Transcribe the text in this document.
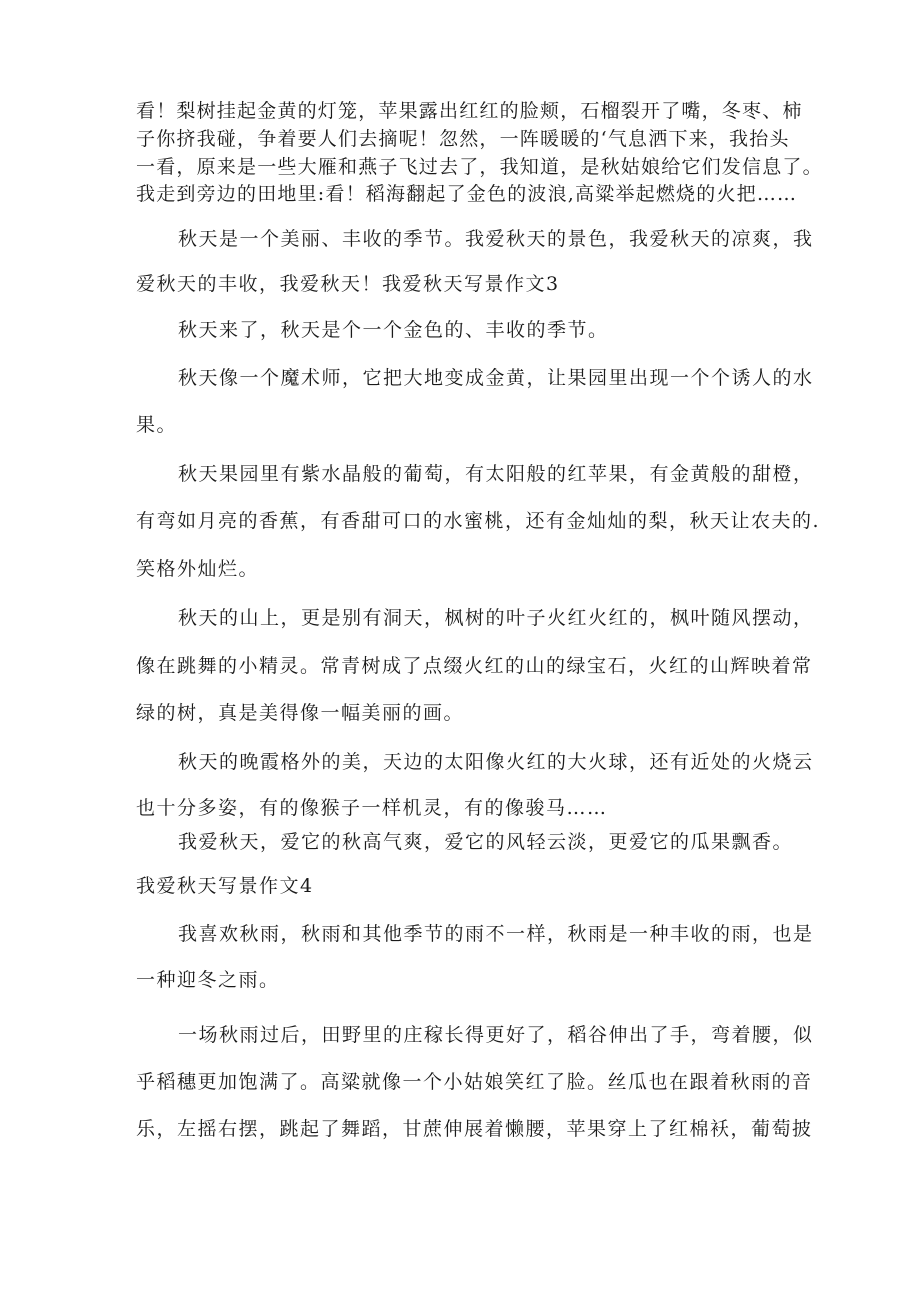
看！梨树挂起金黄的灯笼，苹果露出红红的脸颊，石榴裂开了嘴，冬枣、柿
子你挤我碰，争着要人们去摘呢！忽然，一阵暖暖的‘气息洒下来，我抬头
一看，原来是一些大雁和燕子飞过去了，我知道，是秋姑娘给它们发信息了。
我走到旁边的田地里:看！稻海翻起了金色的波浪,高粱举起燃烧的火把……
秋天是一个美丽、丰收的季节。我爱秋天的景色，我爱秋天的凉爽，我
爱秋天的丰收，我爱秋天！我爱秋天写景作文3
秋天来了，秋天是个一个金色的、丰收的季节。
秋天像一个魔术师，它把大地变成金黄，让果园里出现一个个诱人的水
果。
秋天果园里有紫水晶般的葡萄，有太阳般的红苹果，有金黄般的甜橙，
有弯如月亮的香蕉，有香甜可口的水蜜桃，还有金灿灿的梨，秋天让农夫的.
笑格外灿烂。
秋天的山上，更是别有洞天，枫树的叶子火红火红的，枫叶随风摆动，
像在跳舞的小精灵。常青树成了点缀火红的山的绿宝石，火红的山辉映着常
绿的树，真是美得像一幅美丽的画。
秋天的晚霞格外的美，天边的太阳像火红的大火球，还有近处的火烧云
也十分多姿，有的像猴子一样机灵，有的像骏马……
我爱秋天，爱它的秋高气爽，爱它的风轻云淡，更爱它的瓜果飘香。
我爱秋天写景作文4
我喜欢秋雨，秋雨和其他季节的雨不一样，秋雨是一种丰收的雨，也是
一种迎冬之雨。
一场秋雨过后，田野里的庄稼长得更好了，稻谷伸出了手，弯着腰，似
乎稻穗更加饱满了。高粱就像一个小姑娘笑红了脸。丝瓜也在跟着秋雨的音
乐，左摇右摆，跳起了舞蹈，甘蔗伸展着懒腰，苹果穿上了红棉袄，葡萄披
